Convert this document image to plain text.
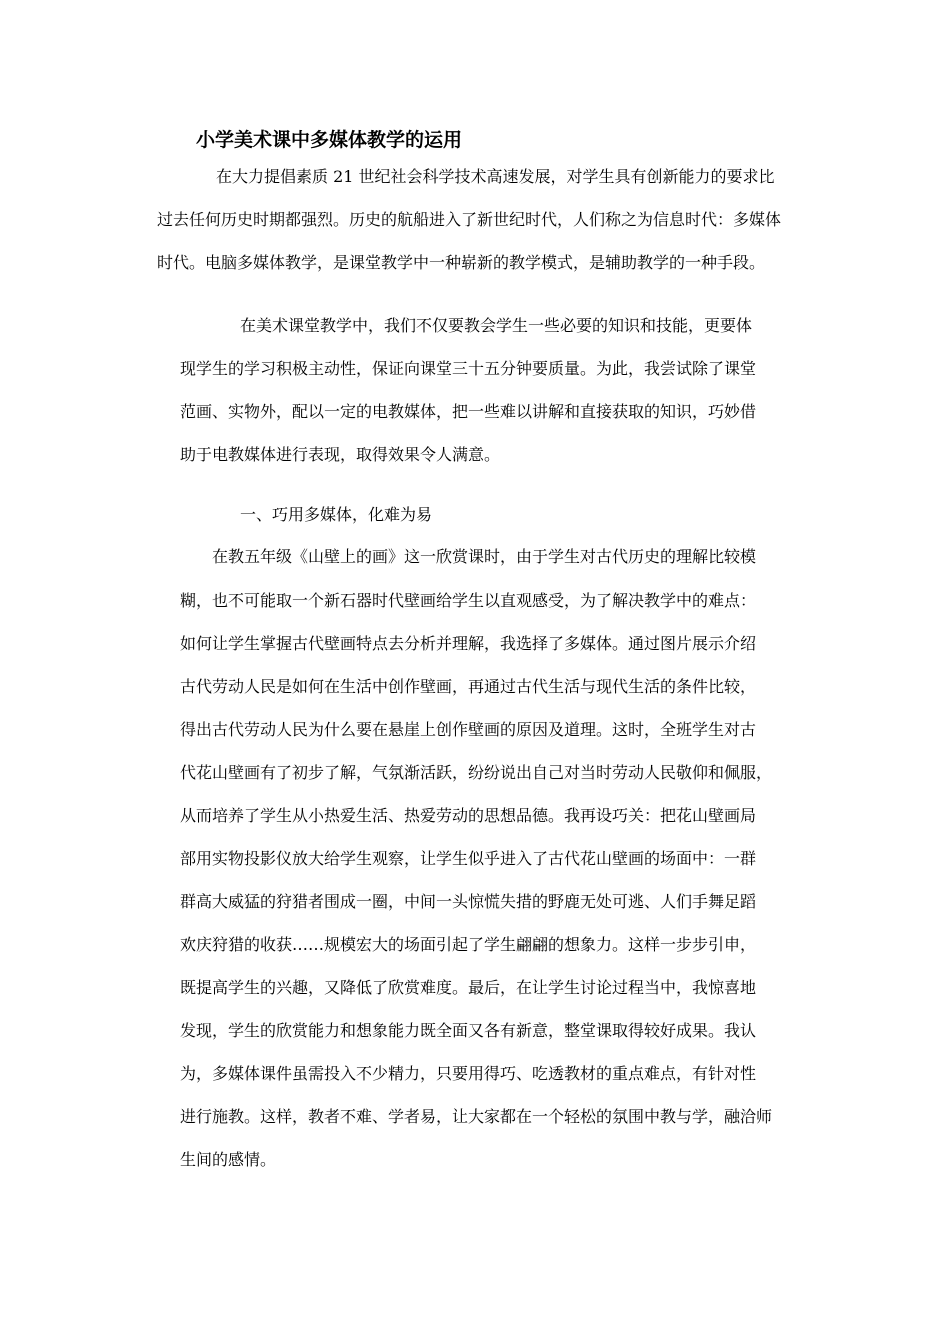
小学美术课中多媒体教学的运用

在大力提倡素质 21 世纪社会科学技术高速发展，对学生具有创新能力的要求比

过去任何历史时期都强烈。历史的航船进入了新世纪时代，人们称之为信息时代：多媒体

时代。电脑多媒体教学，是课堂教学中一种崭新的教学模式，是辅助教学的一种手段。

在美术课堂教学中，我们不仅要教会学生一些必要的知识和技能，更要体

现学生的学习积极主动性，保证向课堂三十五分钟要质量。为此，我尝试除了课堂

范画、实物外，配以一定的电教媒体，把一些难以讲解和直接获取的知识，巧妙借

助于电教媒体进行表现，取得效果令人满意。

一、巧用多媒体，化难为易

在教五年级《山壁上的画》这一欣赏课时，由于学生对古代历史的理解比较模

糊，也不可能取一个新石器时代壁画给学生以直观感受，为了解决教学中的难点：

如何让学生掌握古代壁画特点去分析并理解，我选择了多媒体。通过图片展示介绍

古代劳动人民是如何在生活中创作壁画，再通过古代生活与现代生活的条件比较，

得出古代劳动人民为什么要在悬崖上创作壁画的原因及道理。这时，全班学生对古

代花山壁画有了初步了解，气氛渐活跃，纷纷说出自己对当时劳动人民敬仰和佩服，

从而培养了学生从小热爱生活、热爱劳动的思想品德。我再设巧关：把花山壁画局

部用实物投影仪放大给学生观察，让学生似乎进入了古代花山壁画的场面中：一群

群高大威猛的狩猎者围成一圈，中间一头惊慌失措的野鹿无处可逃、人们手舞足蹈

欢庆狩猎的收获……规模宏大的场面引起了学生翩翩的想象力。这样一步步引申，

既提高学生的兴趣，又降低了欣赏难度。最后，在让学生讨论过程当中，我惊喜地

发现，学生的欣赏能力和想象能力既全面又各有新意，整堂课取得较好成果。我认

为，多媒体课件虽需投入不少精力，只要用得巧、吃透教材的重点难点，有针对性

进行施教。这样，教者不难、学者易，让大家都在一个轻松的氛围中教与学，融洽师

生间的感情。
